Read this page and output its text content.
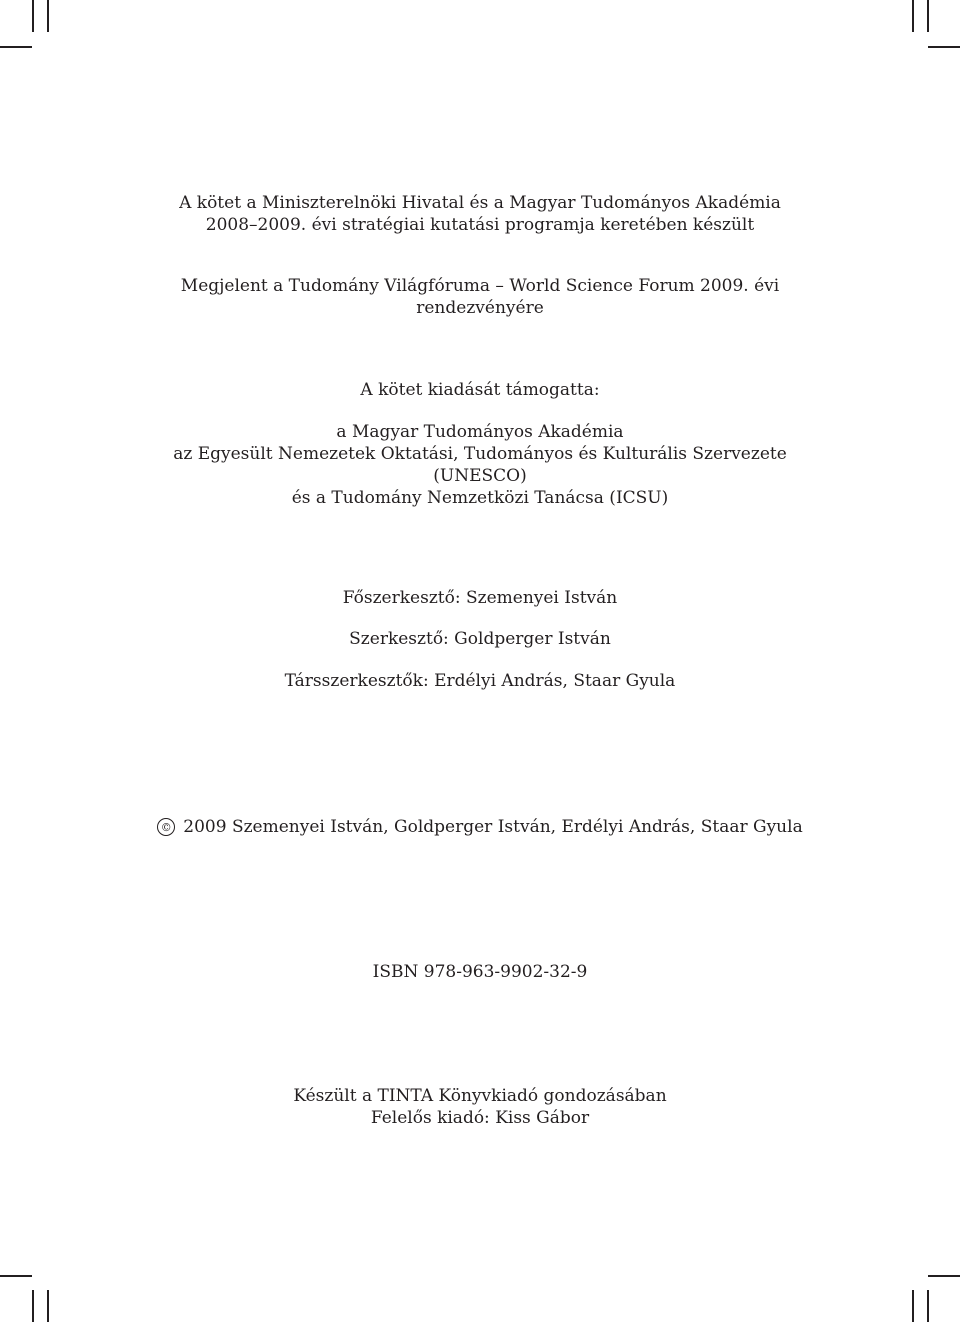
A kötet a Miniszterelnöki Hivatal és a Magyar Tudományos Akadémia
2008–2009. évi stratégiai kutatási programja keretében készült
Megjelent a Tudomány Világfóruma – World Science Forum 2009. évi
rendezvényére
A kötet kiadását támogatta:
a Magyar Tudományos Akadémia
az Egyesült Nemezetek Oktatási, Tudományos és Kulturális Szervezete
(UNESCO)
és a Tudomány Nemzetközi Tanácsa (ICSU)
Főszerkesztő: Szemenyei István
Szerkesztő: Goldperger István
Társszerkesztők: Erdélyi András, Staar Gyula
© 2009 Szemenyei István, Goldperger István, Erdélyi András, Staar Gyula
ISBN 978-963-9902-32-9
Készült a TINTA Könyvkiadó gondozásában
Felelős kiadó: Kiss Gábor
